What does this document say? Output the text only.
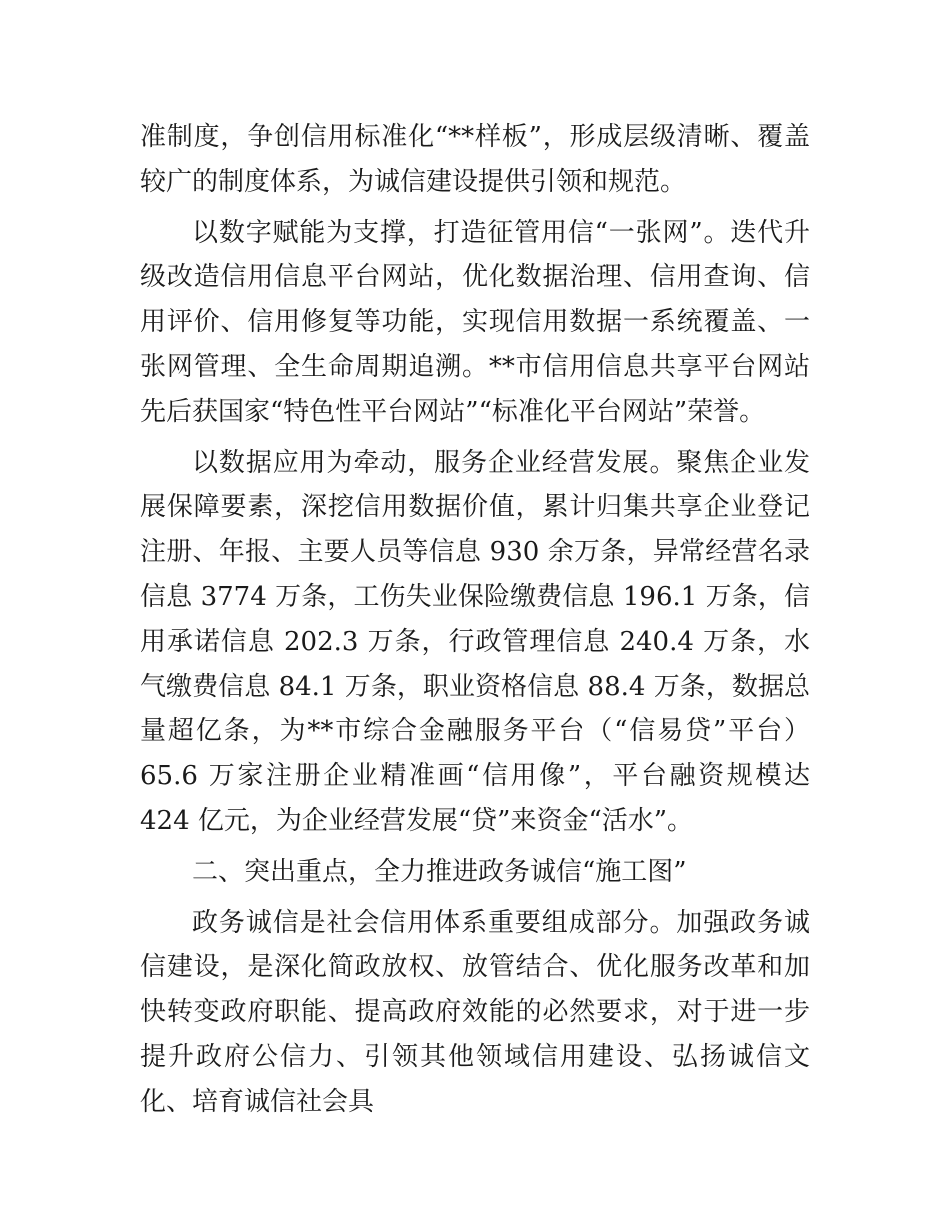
准制度，争创信用标准化“**样板”，形成层级清晰、覆盖较广的制度体系，为诚信建设提供引领和规范。

以数字赋能为支撑，打造征管用信“一张网”。迭代升级改造信用信息平台网站，优化数据治理、信用查询、信用评价、信用修复等功能，实现信用数据一系统覆盖、一张网管理、全生命周期追溯。**市信用信息共享平台网站先后获国家“特色性平台网站”“标准化平台网站”荣誉。

以数据应用为牵动，服务企业经营发展。聚焦企业发展保障要素，深挖信用数据价值，累计归集共享企业登记注册、年报、主要人员等信息 930 余万条，异常经营名录信息 3774 万条，工伤失业保险缴费信息 196.1 万条，信用承诺信息 202.3 万条，行政管理信息 240.4 万条，水气缴费信息 84.1 万条，职业资格信息 88.4 万条，数据总量超亿条，为**市综合金融服务平台（“信易贷”平台）65.6 万家注册企业精准画“信用像”，平台融资规模达 424 亿元，为企业经营发展“贷”来资金“活水”。

二、突出重点，全力推进政务诚信“施工图”

政务诚信是社会信用体系重要组成部分。加强政务诚信建设，是深化简政放权、放管结合、优化服务改革和加快转变政府职能、提高政府效能的必然要求，对于进一步提升政府公信力、引领其他领域信用建设、弘扬诚信文化、培育诚信社会具
